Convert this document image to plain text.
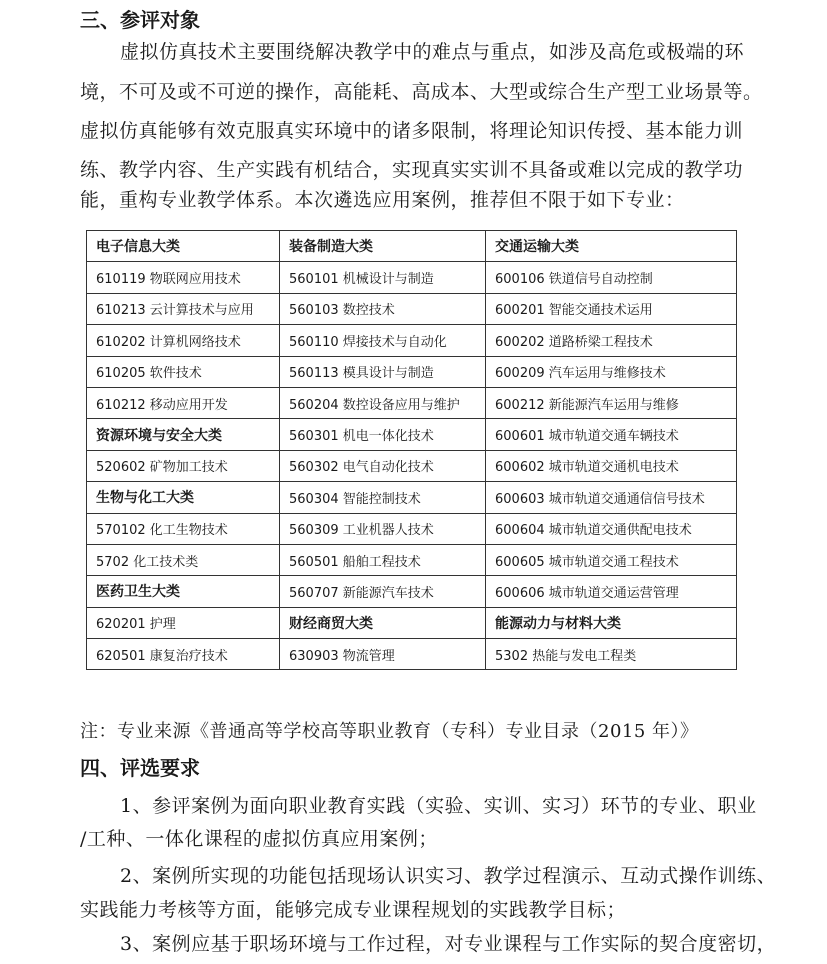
三、参评对象
虚拟仿真技术主要围绕解决教学中的难点与重点，如涉及高危或极端的环
境，不可及或不可逆的操作，高能耗、高成本、大型或综合生产型工业场景等。
虚拟仿真能够有效克服真实环境中的诸多限制，将理论知识传授、基本能力训
练、教学内容、生产实践有机结合，实现真实实训不具备或难以完成的教学功
能，重构专业教学体系。本次遴选应用案例，推荐但不限于如下专业：
电子信息大类	装备制造大类	交通运输大类
610119 物联网应用技术	560101 机械设计与制造	600106 铁道信号自动控制
610213 云计算技术与应用	560103 数控技术	600201 智能交通技术运用
610202 计算机网络技术	560110 焊接技术与自动化	600202 道路桥梁工程技术
610205 软件技术	560113 模具设计与制造	600209 汽车运用与维修技术
610212 移动应用开发	560204 数控设备应用与维护	600212 新能源汽车运用与维修
资源环境与安全大类	560301 机电一体化技术	600601 城市轨道交通车辆技术
520602 矿物加工技术	560302 电气自动化技术	600602 城市轨道交通机电技术
生物与化工大类	560304 智能控制技术	600603 城市轨道交通通信信号技术
570102 化工生物技术	560309 工业机器人技术	600604 城市轨道交通供配电技术
5702 化工技术类	560501 船舶工程技术	600605 城市轨道交通工程技术
医药卫生大类	560707 新能源汽车技术	600606 城市轨道交通运营管理
620201 护理	财经商贸大类	能源动力与材料大类
620501 康复治疗技术	630903 物流管理	5302 热能与发电工程类
注：专业来源《普通高等学校高等职业教育（专科）专业目录（2015 年）》
四、评选要求
1、参评案例为面向职业教育实践（实验、实训、实习）环节的专业、职业
/工种、一体化课程的虚拟仿真应用案例；
2、案例所实现的功能包括现场认识实习、教学过程演示、互动式操作训练、
实践能力考核等方面，能够完成专业课程规划的实践教学目标；
3、案例应基于职场环境与工作过程，对专业课程与工作实际的契合度密切，
